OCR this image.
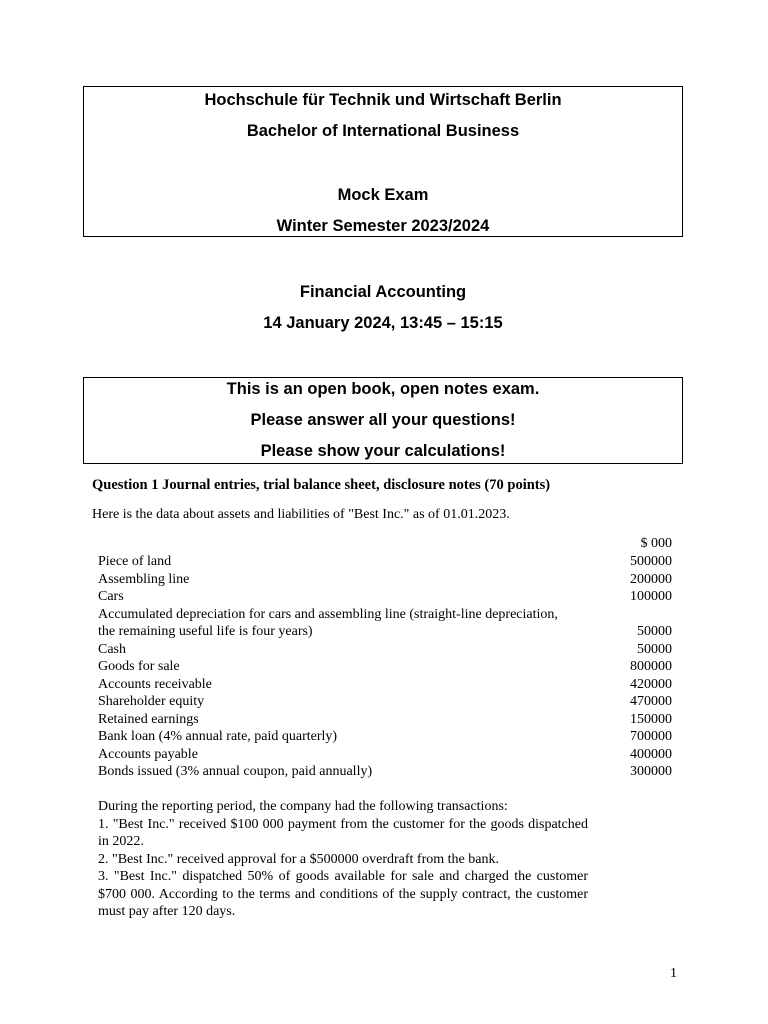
Hochschule für Technik und Wirtschaft Berlin
Bachelor of International Business
Mock Exam
Winter Semester 2023/2024
Financial Accounting
14 January 2024, 13:45 – 15:15
This is an open book, open notes exam.
Please answer all your questions!
Please show your calculations!
Question 1 Journal entries, trial balance sheet, disclosure notes (70 points)
Here is the data about assets and liabilities of "Best Inc." as of 01.01.2023.
$ 000
Piece of land	500000
Assembling line	200000
Cars	100000
Accumulated depreciation for cars and assembling line (straight-line depreciation, the remaining useful life is four years)	50000
Cash	50000
Goods for sale	800000
Accounts receivable	420000
Shareholder equity	470000
Retained earnings	150000
Bank loan (4% annual rate, paid quarterly)	700000
Accounts payable	400000
Bonds issued (3% annual coupon, paid annually)	300000

During the reporting period, the company had the following transactions:

1. "Best Inc." received $100 000 payment from the customer for the goods dispatched in 2022.

2. "Best Inc." received approval for a $500000 overdraft from the bank.

3. "Best Inc." dispatched 50% of goods available for sale and charged the customer $700 000. According to the terms and conditions of the supply contract, the customer must pay after 120 days.

1
